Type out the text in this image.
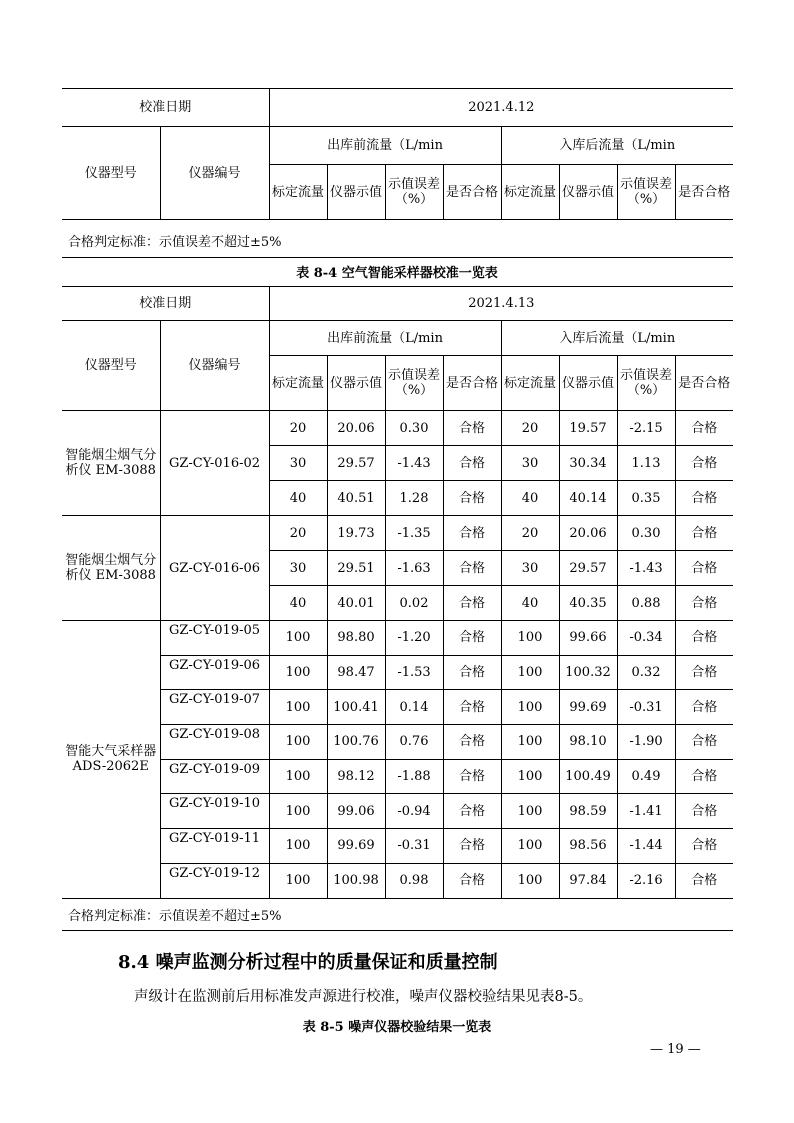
校准日期		2021.4.12							
仪器型号	仪器编号	出库前流量（L/min				入库后流量（L/min			
		标定流量	仪器示值	示值误差（%）	是否合格	标定流量	仪器示值	示值误差（%）	是否合格
合格判定标准：示值误差不超过±5%
表 8-4 空气智能采样器校准一览表
校准日期		2021.4.13							
仪器型号	仪器编号	出库前流量（L/min				入库后流量（L/min			
		标定流量	仪器示值	示值误差（%）	是否合格	标定流量	仪器示值	示值误差（%）	是否合格
智能烟尘烟气分析仪 EM-3088	GZ-CY-016-02	20	20.06	0.30	合格	20	19.57	-2.15	合格
		30	29.57	-1.43	合格	30	30.34	1.13	合格
		40	40.51	1.28	合格	40	40.14	0.35	合格
智能烟尘烟气分析仪 EM-3088	GZ-CY-016-06	20	19.73	-1.35	合格	20	20.06	0.30	合格
		30	29.51	-1.63	合格	30	29.57	-1.43	合格
		40	40.01	0.02	合格	40	40.35	0.88	合格
智能大气采样器 ADS-2062E	GZ-CY-019-05	100	98.80	-1.20	合格	100	99.66	-0.34	合格
	GZ-CY-019-06	100	98.47	-1.53	合格	100	100.32	0.32	合格
	GZ-CY-019-07	100	100.41	0.14	合格	100	99.69	-0.31	合格
	GZ-CY-019-08	100	100.76	0.76	合格	100	98.10	-1.90	合格
	GZ-CY-019-09	100	98.12	-1.88	合格	100	100.49	0.49	合格
	GZ-CY-019-10	100	99.06	-0.94	合格	100	98.59	-1.41	合格
	GZ-CY-019-11	100	99.69	-0.31	合格	100	98.56	-1.44	合格
	GZ-CY-019-12	100	100.98	0.98	合格	100	97.84	-2.16	合格
合格判定标准：示值误差不超过±5%
8.4 噪声监测分析过程中的质量保证和质量控制
声级计在监测前后用标准发声源进行校准，噪声仪器校验结果见表8-5。
表 8-5 噪声仪器校验结果一览表
— 19 —
